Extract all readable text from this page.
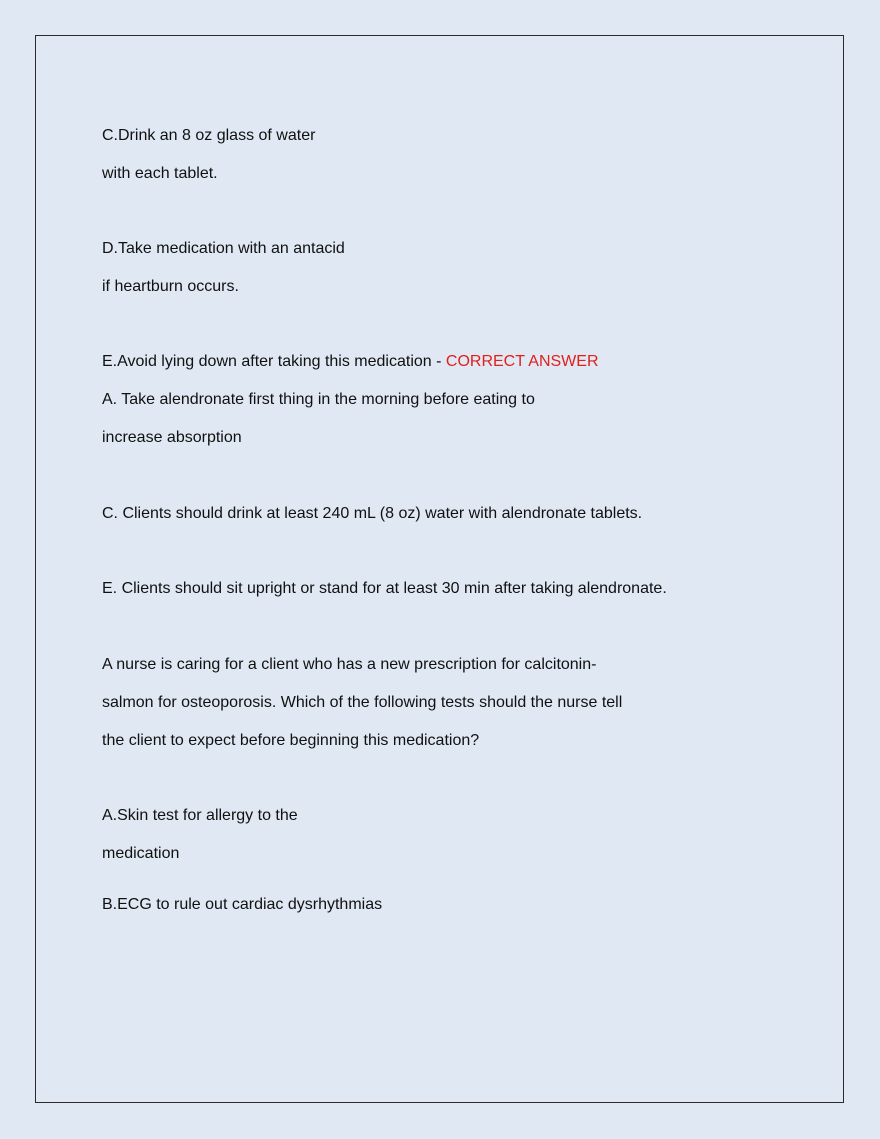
C.Drink an 8 oz glass of water
with each tablet.
D.Take medication with an antacid
if heartburn occurs.
E.Avoid lying down after taking this medication - CORRECT ANSWER
A. Take alendronate first thing in the morning before eating to
increase absorption
C. Clients should drink at least 240 mL (8 oz) water with alendronate tablets.
E. Clients should sit upright or stand for at least 30 min after taking alendronate.
A nurse is caring for a client who has a new prescription for calcitonin-
salmon for osteoporosis. Which of the following tests should the nurse tell
the client to expect before beginning this medication?
A.Skin test for allergy to the
medication
B.ECG to rule out cardiac dysrhythmias
